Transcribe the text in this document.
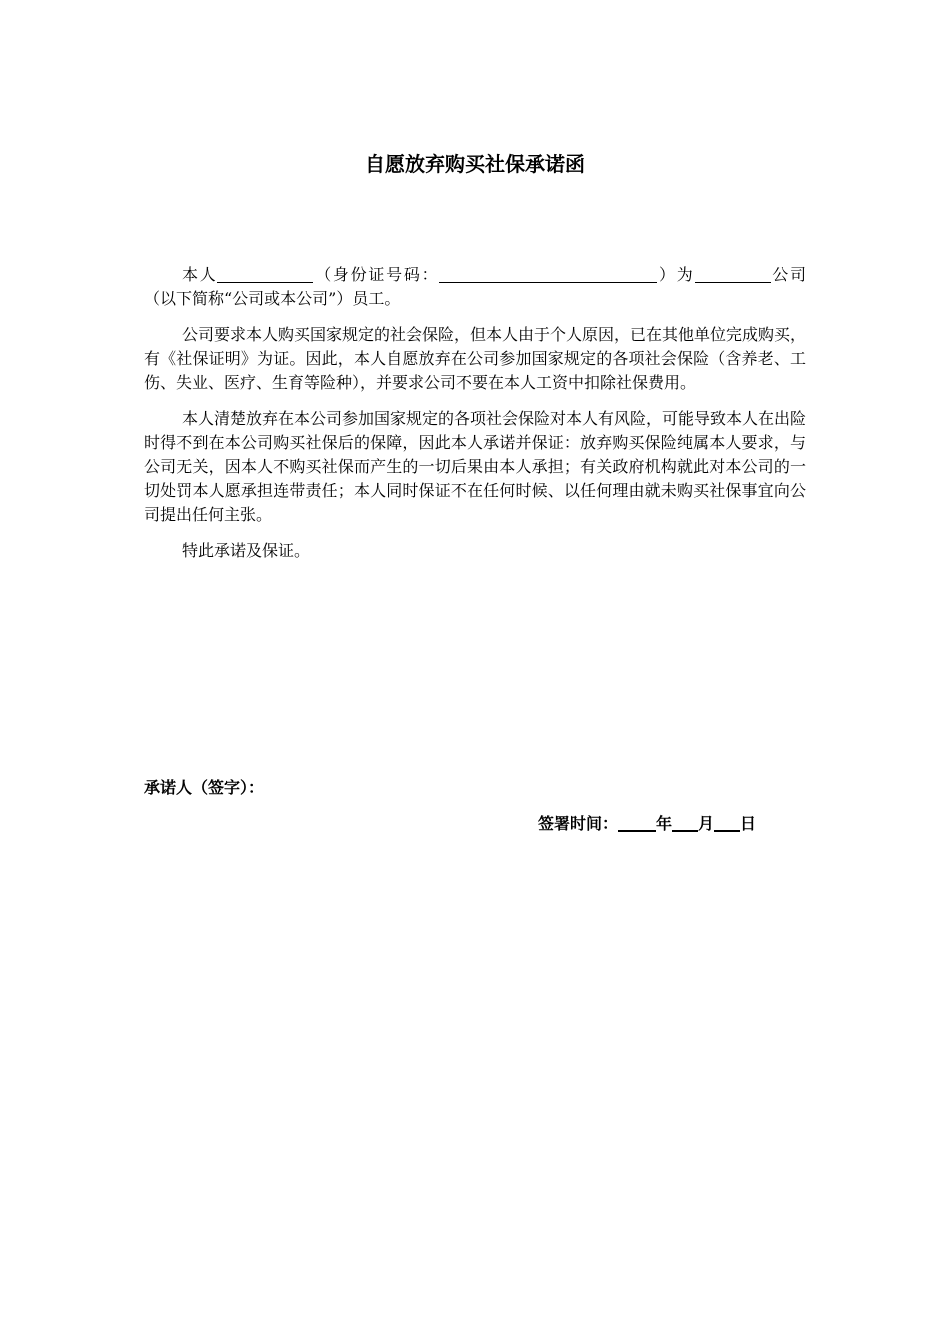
自愿放弃购买社保承诺函

本人	（身份证号码：	）为	公司（以下简称“公司或本公司”）员工。

公司要求本人购买国家规定的社会保险，但本人由于个人原因，已在其他单位完成购买，有《社保证明》为证。因此，本人自愿放弃在公司参加国家规定的各项社会保险（含养老、工伤、失业、医疗、生育等险种），并要求公司不要在本人工资中扣除社保费用。

本人清楚放弃在本公司参加国家规定的各项社会保险对本人有风险，可能导致本人在出险时得不到在本公司购买社保后的保障，因此本人承诺并保证：放弃购买保险纯属本人要求，与公司无关，因本人不购买社保而产生的一切后果由本人承担；有关政府机构就此对本公司的一切处罚本人愿承担连带责任；本人同时保证不在任何时候、以任何理由就未购买社保事宜向公司提出任何主张。

特此承诺及保证。

承诺人（签字）：
签署时间： 年 月 日
